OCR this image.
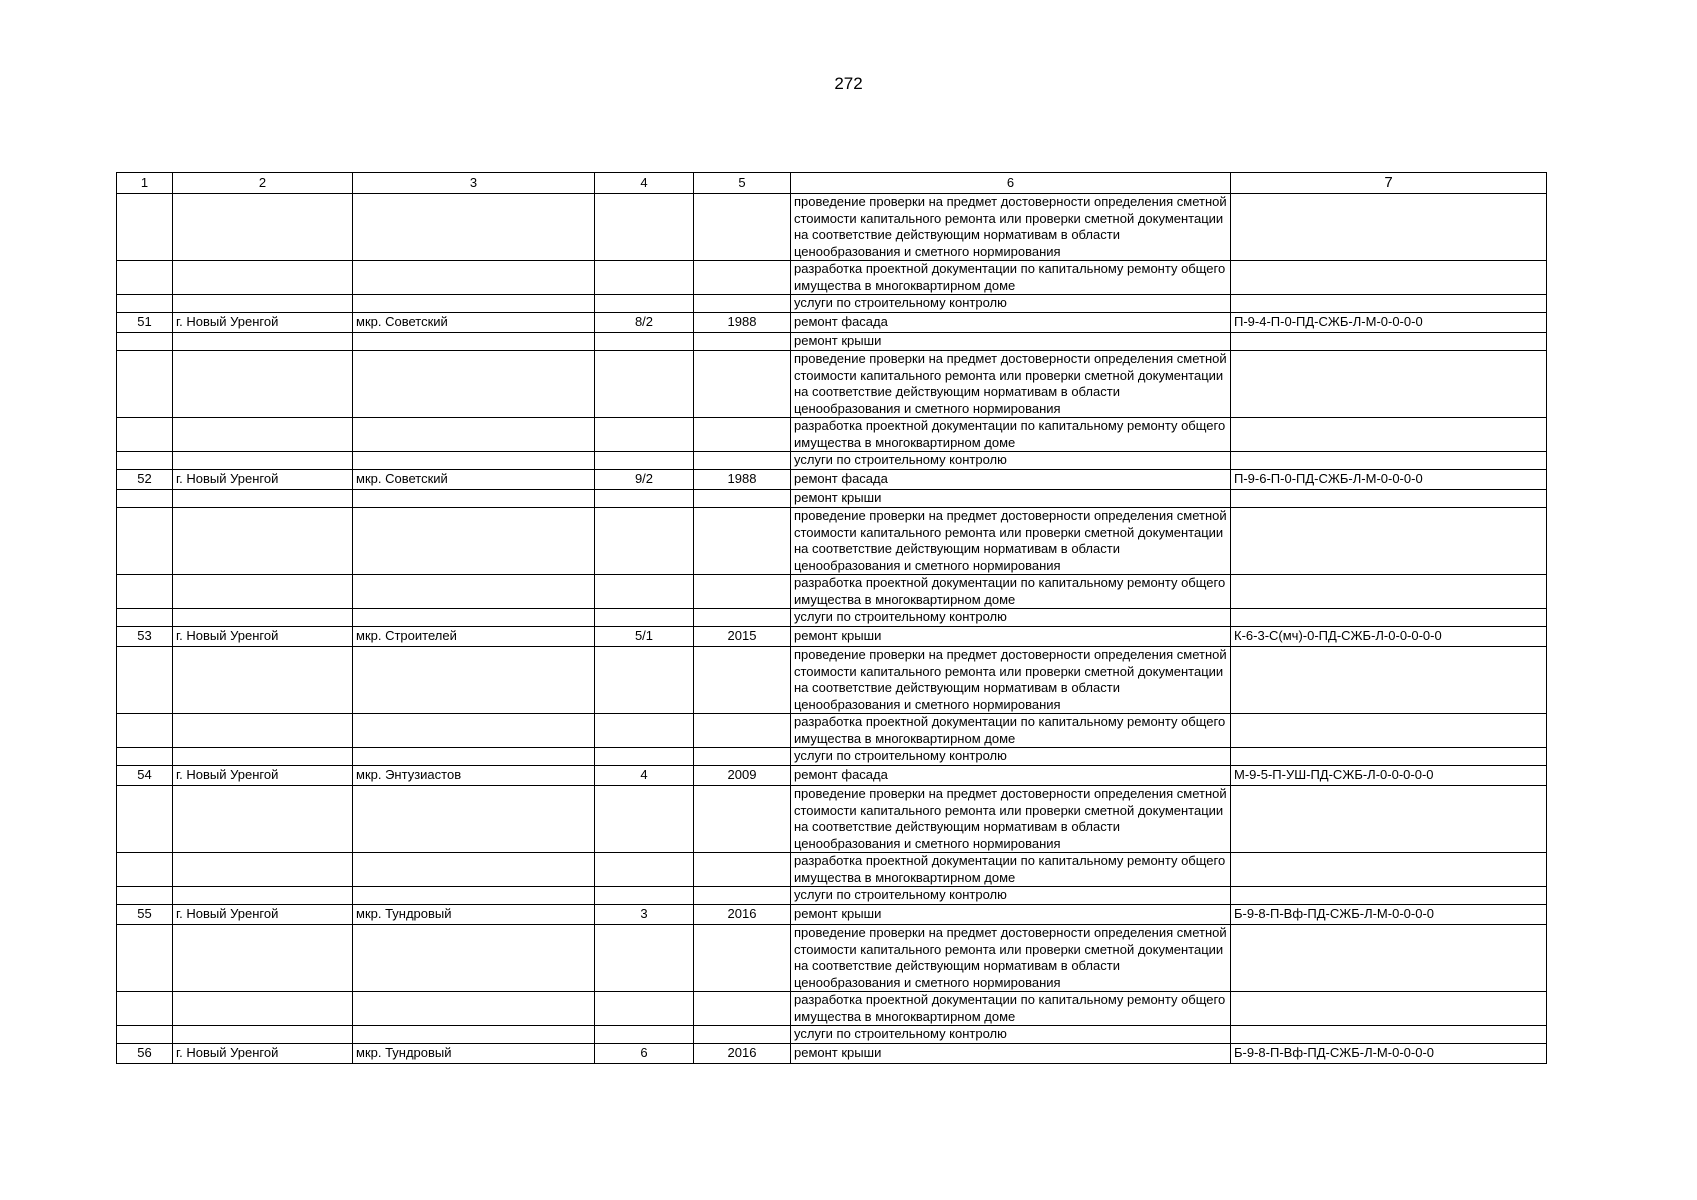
272
1	2	3	4	5	6	7
					проведение проверки на предмет достоверности определения сметной стоимости капитального ремонта или проверки сметной документации на соответствие действующим нормативам в области ценообразования и сметного нормирования	
					разработка проектной документации по капитальному ремонту общего имущества в многоквартирном доме	
					услуги по строительному контролю	
51	г. Новый Уренгой	мкр. Советский	8/2	1988	ремонт фасада	П-9-4-П-0-ПД-СЖБ-Л-М-0-0-0-0
					ремонт крыши	
					проведение проверки на предмет достоверности определения сметной стоимости капитального ремонта или проверки сметной документации на соответствие действующим нормативам в области ценообразования и сметного нормирования	
					разработка проектной документации по капитальному ремонту общего имущества в многоквартирном доме	
					услуги по строительному контролю	
52	г. Новый Уренгой	мкр. Советский	9/2	1988	ремонт фасада	П-9-6-П-0-ПД-СЖБ-Л-М-0-0-0-0
					ремонт крыши	
					проведение проверки на предмет достоверности определения сметной стоимости капитального ремонта или проверки сметной документации на соответствие действующим нормативам в области ценообразования и сметного нормирования	
					разработка проектной документации по капитальному ремонту общего имущества в многоквартирном доме	
					услуги по строительному контролю	
53	г. Новый Уренгой	мкр. Строителей	5/1	2015	ремонт крыши	К-6-3-С(мч)-0-ПД-СЖБ-Л-0-0-0-0-0
					проведение проверки на предмет достоверности определения сметной стоимости капитального ремонта или проверки сметной документации на соответствие действующим нормативам в области ценообразования и сметного нормирования	
					разработка проектной документации по капитальному ремонту общего имущества в многоквартирном доме	
					услуги по строительному контролю	
54	г. Новый Уренгой	мкр. Энтузиастов	4	2009	ремонт фасада	М-9-5-П-УШ-ПД-СЖБ-Л-0-0-0-0-0
					проведение проверки на предмет достоверности определения сметной стоимости капитального ремонта или проверки сметной документации на соответствие действующим нормативам в области ценообразования и сметного нормирования	
					разработка проектной документации по капитальному ремонту общего имущества в многоквартирном доме	
					услуги по строительному контролю	
55	г. Новый Уренгой	мкр. Тундровый	3	2016	ремонт крыши	Б-9-8-П-Вф-ПД-СЖБ-Л-М-0-0-0-0
					проведение проверки на предмет достоверности определения сметной стоимости капитального ремонта или проверки сметной документации на соответствие действующим нормативам в области ценообразования и сметного нормирования	
					разработка проектной документации по капитальному ремонту общего имущества в многоквартирном доме	
					услуги по строительному контролю	
56	г. Новый Уренгой	мкр. Тундровый	6	2016	ремонт крыши	Б-9-8-П-Вф-ПД-СЖБ-Л-М-0-0-0-0
